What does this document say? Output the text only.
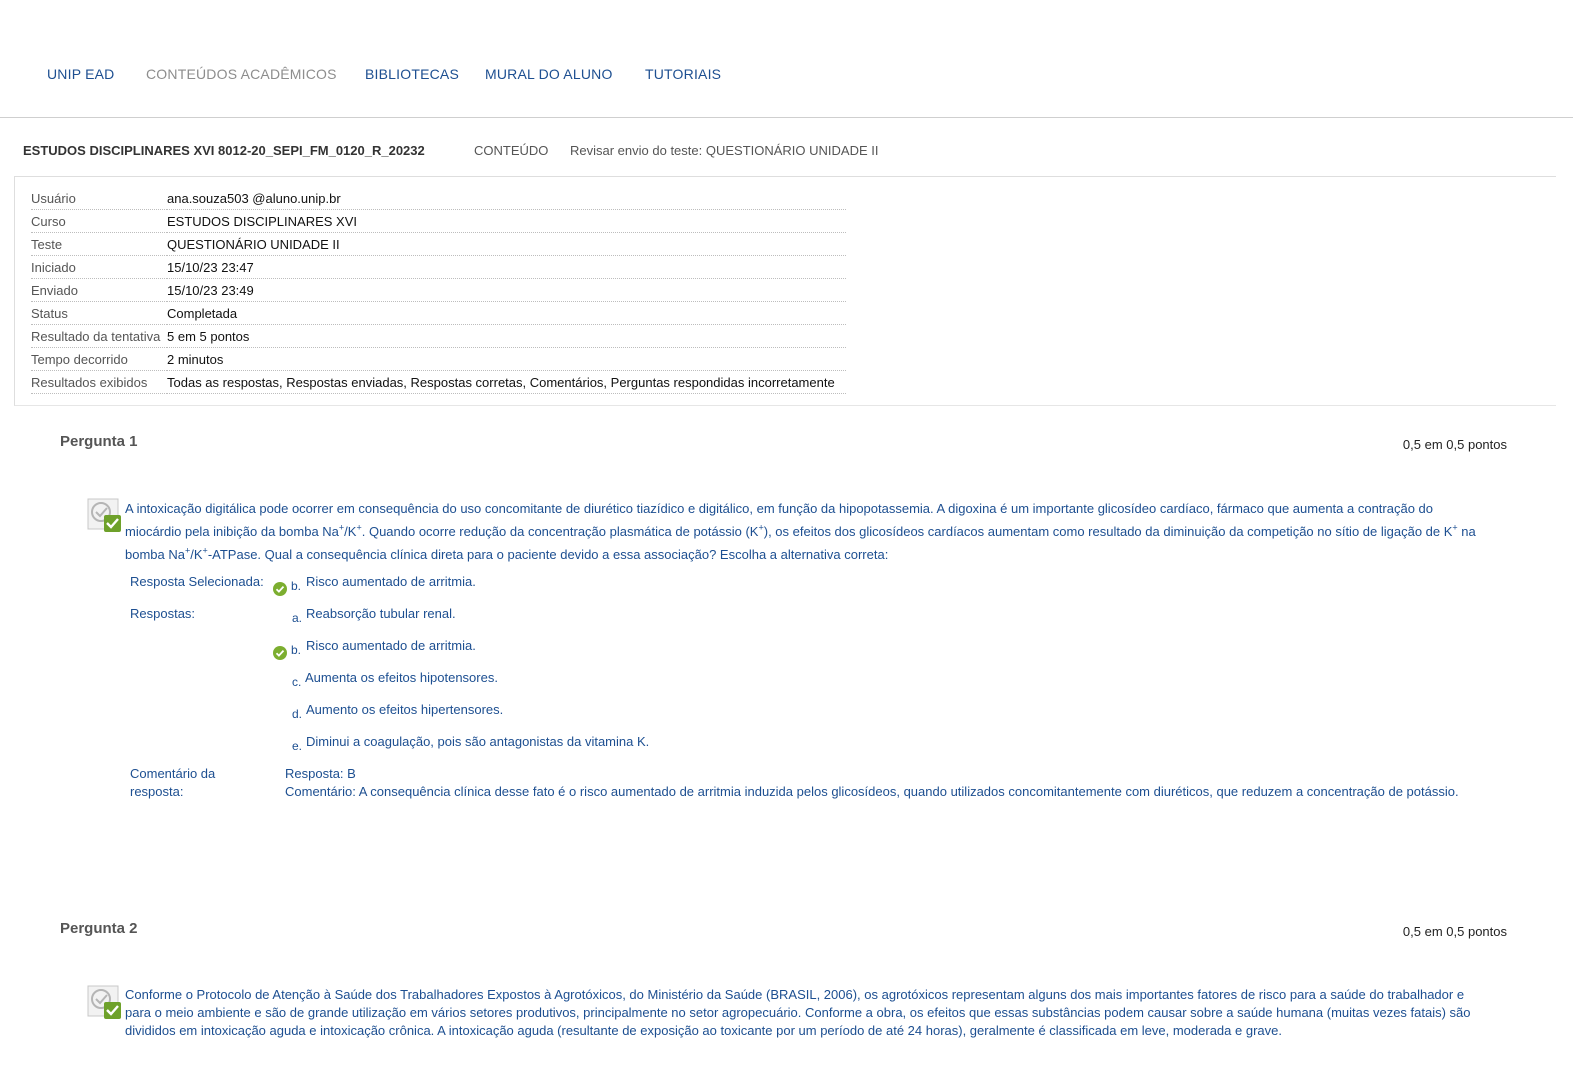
UNIP EAD CONTEÚDOS ACADÊMICOS BIBLIOTECAS MURAL DO ALUNO TUTORIAIS
ESTUDOS DISCIPLINARES XVI 8012-20_SEPI_FM_0120_R_20232	CONTEÚDO Revisar envio do teste: QUESTIONÁRIO UNIDADE II
Usuário	ana.souza503 @aluno.unip.br
Curso	ESTUDOS DISCIPLINARES XVI
Teste	QUESTIONÁRIO UNIDADE II
Iniciado	15/10/23 23:47
Enviado	15/10/23 23:49
Status	Completada
Resultado da tentativa	5 em 5 pontos
Tempo decorrido	2 minutos
Resultados exibidos	Todas as respostas, Respostas enviadas, Respostas corretas, Comentários, Perguntas respondidas incorretamente
Pergunta 1	0,5 em 0,5 pontos
A intoxicação digitálica pode ocorrer em consequência do uso concomitante de diurético tiazídico e digitálico, em função da hipopotassemia. A digoxina é um importante glicosídeo cardíaco, fármaco que aumenta a contração do miocárdio pela inibição da bomba Na+/K+. Quando ocorre redução da concentração plasmática de potássio (K+), os efeitos dos glicosídeos cardíacos aumentam como resultado da diminuição da competição no sítio de ligação de K+ na bomba Na+/K+-ATPase. Qual a consequência clínica direta para o paciente devido a essa associação? Escolha a alternativa correta:
Resposta Selecionada: b. Risco aumentado de arritmia.
Respostas:	a. Reabsorção tubular renal.
b. Risco aumentado de arritmia.
c. Aumenta os efeitos hipotensores.
d. Aumento os efeitos hipertensores.
e. Diminui a coagulação, pois são antagonistas da vitamina K.
Comentário da
resposta:
Resposta: B
Comentário: A consequência clínica desse fato é o risco aumentado de arritmia induzida pelos glicosídeos, quando utilizados concomitantemente com diuréticos, que reduzem a concentração de potássio.
Pergunta 2	0,5 em 0,5 pontos
Conforme o Protocolo de Atenção à Saúde dos Trabalhadores Expostos à Agrotóxicos, do Ministério da Saúde (BRASIL, 2006), os agrotóxicos representam alguns dos mais importantes fatores de risco para a saúde do trabalhador e para o meio ambiente e são de grande utilização em vários setores produtivos, principalmente no setor agropecuário. Conforme a obra, os efeitos que essas substâncias podem causar sobre a saúde humana (muitas vezes fatais) são divididos em intoxicação aguda e intoxicação crônica. A intoxicação aguda (resultante de exposição ao toxicante por um período de até 24 horas), geralmente é classificada em leve, moderada e grave.
